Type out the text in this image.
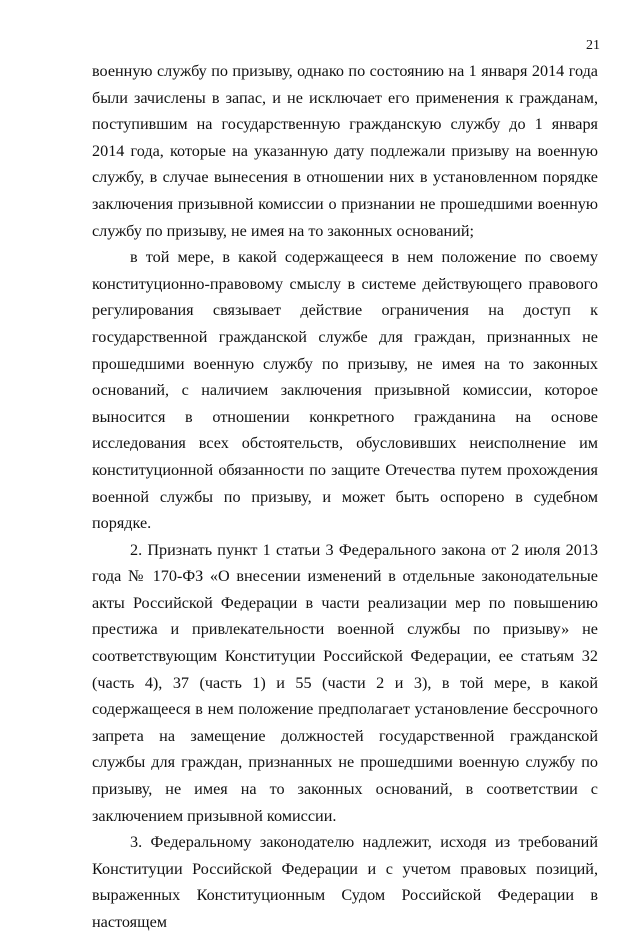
21

военную службу по призыву, однако по состоянию на 1 января 2014 года были зачислены в запас, и не исключает его применения к гражданам, поступившим на государственную гражданскую службу до 1 января 2014 года, которые на указанную дату подлежали призыву на военную службу, в случае вынесения в отношении них в установленном порядке заключения призывной комиссии о признании не прошедшими военную службу по призыву, не имея на то законных оснований;

в той мере, в какой содержащееся в нем положение по своему конституционно-правовому смыслу в системе действующего правового регулирования связывает действие ограничения на доступ к государственной гражданской службе для граждан, признанных не прошедшими военную службу по призыву, не имея на то законных оснований, с наличием заключения призывной комиссии, которое выносится в отношении конкретного гражданина на основе исследования всех обстоятельств, обусловивших неисполнение им конституционной обязанности по защите Отечества путем прохождения военной службы по призыву, и может быть оспорено в судебном порядке.

2. Признать пункт 1 статьи 3 Федерального закона от 2 июля 2013 года № 170-ФЗ «О внесении изменений в отдельные законодательные акты Российской Федерации в части реализации мер по повышению престижа и привлекательности военной службы по призыву» не соответствующим Конституции Российской Федерации, ее статьям 32 (часть 4), 37 (часть 1) и 55 (части 2 и 3), в той мере, в какой содержащееся в нем положение предполагает установление бессрочного запрета на замещение должностей государственной гражданской службы для граждан, признанных не прошедшими военную службу по призыву, не имея на то законных оснований, в соответствии с заключением призывной комиссии.

3. Федеральному законодателю надлежит, исходя из требований Конституции Российской Федерации и с учетом правовых позиций, выраженных Конституционным Судом Российской Федерации в настоящем
